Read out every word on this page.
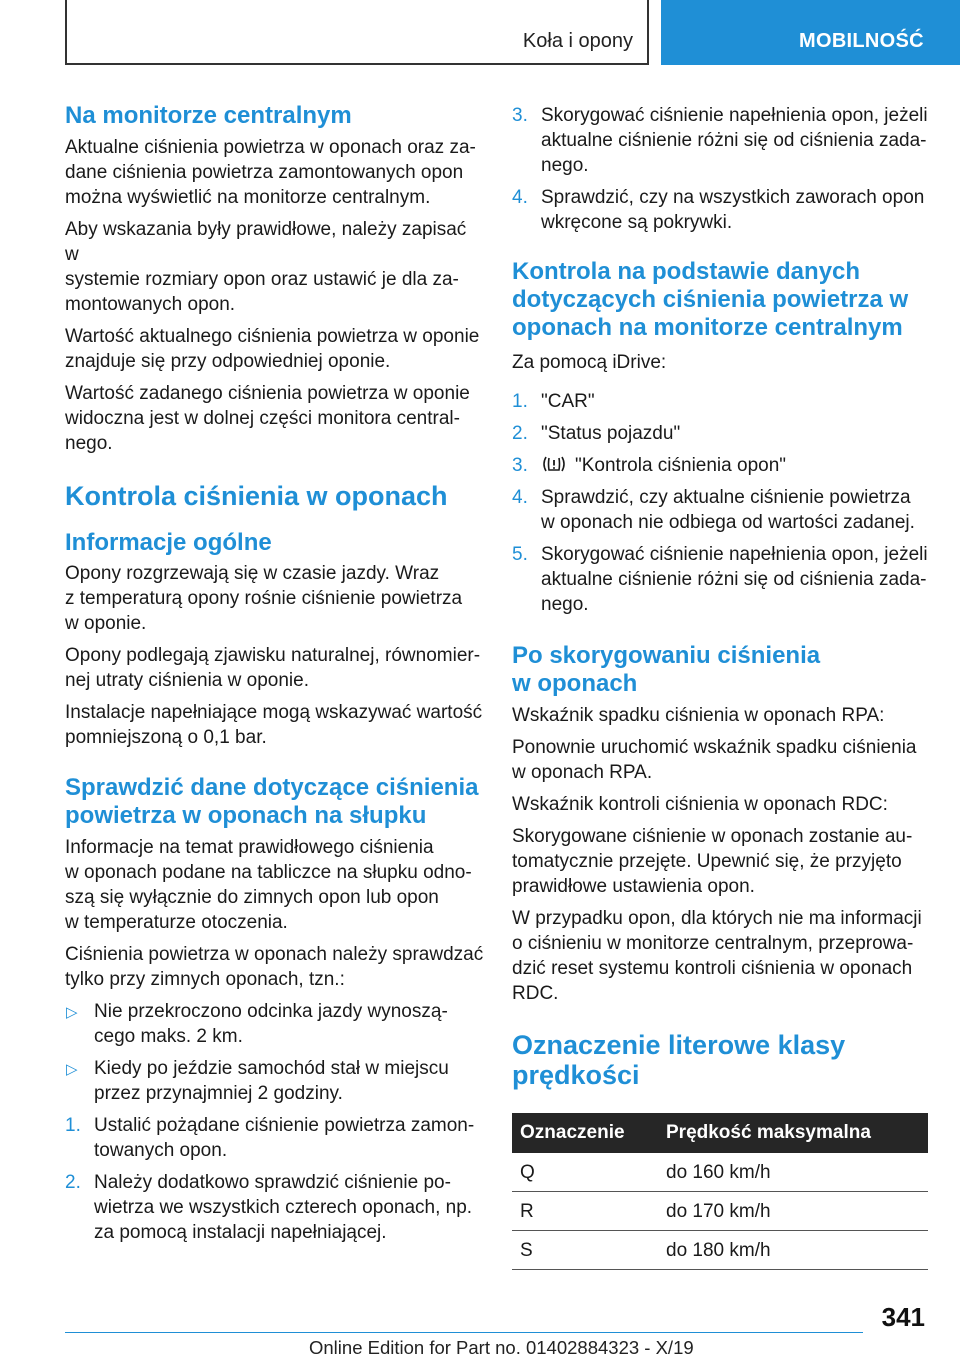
Koła i opony	MOBILNOŚĆ
Na monitorze centralnym
Aktualne ciśnienia powietrza w oponach oraz za‐
dane ciśnienia powietrza zamontowanych opon
można wyświetlić na monitorze centralnym.
Aby wskazania były prawidłowe, należy zapisać w
systemie rozmiary opon oraz ustawić je dla za‐
montowanych opon.
Wartość aktualnego ciśnienia powietrza w oponie
znajduje się przy odpowiedniej oponie.
Wartość zadanego ciśnienia powietrza w oponie
widoczna jest w dolnej części monitora central‐
nego.
Kontrola ciśnienia w oponach
Informacje ogólne
Opony rozgrzewają się w czasie jazdy. Wraz
z temperaturą opony rośnie ciśnienie powietrza
w oponie.
Opony podlegają zjawisku naturalnej, równomier‐
nej utraty ciśnienia w oponie.
Instalacje napełniające mogą wskazywać wartość
pomniejszoną o 0,1 bar.
Sprawdzić dane dotyczące ciśnienia
powietrza w oponach na słupku
Informacje na temat prawidłowego ciśnienia
w oponach podane na tabliczce na słupku odno‐
szą się wyłącznie do zimnych opon lub opon
w temperaturze otoczenia.
Ciśnienia powietrza w oponach należy sprawdzać
tylko przy zimnych oponach, tzn.:
▷ Nie przekroczono odcinka jazdy wynoszą‐
cego maks. 2 km.
▷ Kiedy po jeździe samochód stał w miejscu
przez przynajmniej 2 godziny.
1. Ustalić pożądane ciśnienie powietrza zamon‐
towanych opon.
2. Należy dodatkowo sprawdzić ciśnienie po‐
wietrza we wszystkich czterech oponach, np.
za pomocą instalacji napełniającej.
3. Skorygować ciśnienie napełnienia opon, jeżeli
aktualne ciśnienie różni się od ciśnienia zada‐
nego.
4. Sprawdzić, czy na wszystkich zaworach opon
wkręcone są pokrywki.
Kontrola na podstawie danych
dotyczących ciśnienia powietrza w
oponach na monitorze centralnym
Za pomocą iDrive:
1. "CAR"
2. "Status pojazdu"
3.	"Kontrola ciśnienia opon"
4. Sprawdzić, czy aktualne ciśnienie powietrza
w oponach nie odbiega od wartości zadanej.
5. Skorygować ciśnienie napełnienia opon, jeżeli
aktualne ciśnienie różni się od ciśnienia zada‐
nego.
Po skorygowaniu ciśnienia
w oponach
Wskaźnik spadku ciśnienia w oponach RPA:
Ponownie uruchomić wskaźnik spadku ciśnienia
w oponach RPA.
Wskaźnik kontroli ciśnienia w oponach RDC:
Skorygowane ciśnienie w oponach zostanie au‐
tomatycznie przejęte. Upewnić się, że przyjęto
prawidłowe ustawienia opon.
W przypadku opon, dla których nie ma informacji
o ciśnieniu w monitorze centralnym, przeprowa‐
dzić reset systemu kontroli ciśnienia w oponach
RDC.
Oznaczenie literowe klasy
prędkości
Oznaczenie Prędkość maksymalna
Q	do 160 km/h
R	do 170 km/h
S	do 180 km/h
341
Online Edition for Part no. 01402884323 - X/19
